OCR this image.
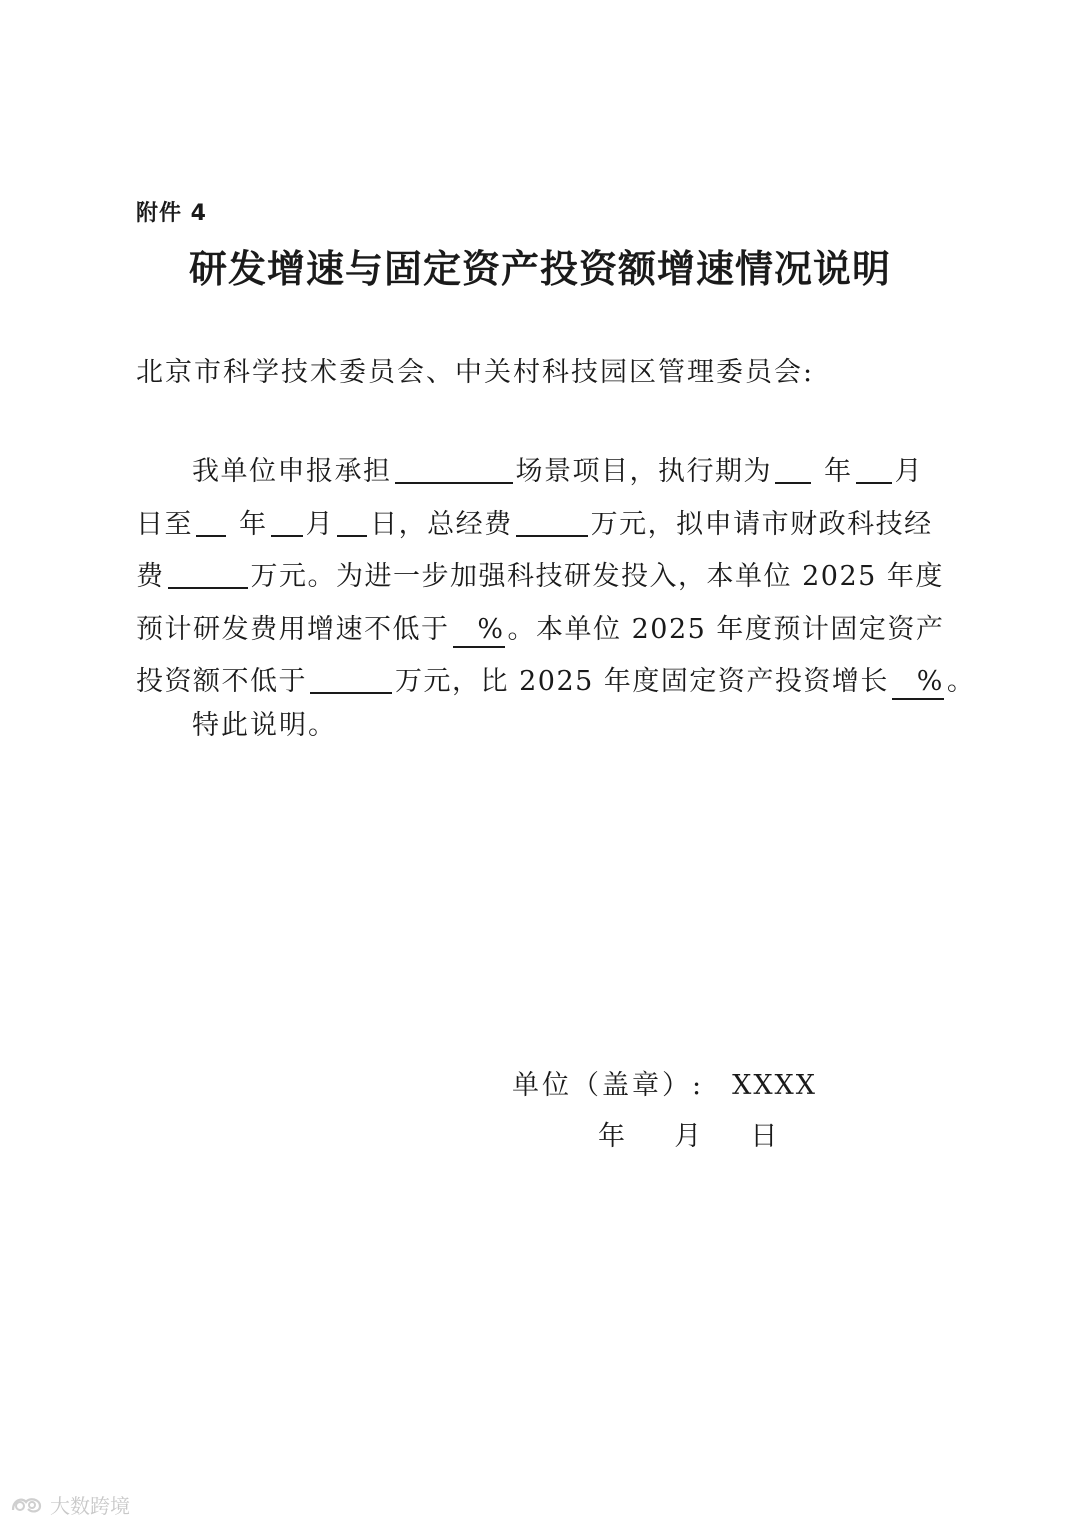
附件 4
研发增速与固定资产投资额增速情况说明
北京市科学技术委员会、中关村科技园区管理委员会:
我单位申报承担	场景项目，执行期为 年 月
日至 年 月 日，总经费	万元，拟申请市财政科技经
费	万元。为进一步加强科技研发投入，本单位 2025 年度
预计研发费用增速不低于 % 。本单位 2025 年度预计固定资产
投资额不低于	万元，比 2025 年度固定资产投资增长 % 。
特此说明。
单位（盖章）: XXXX
年 月 日
大数跨境
